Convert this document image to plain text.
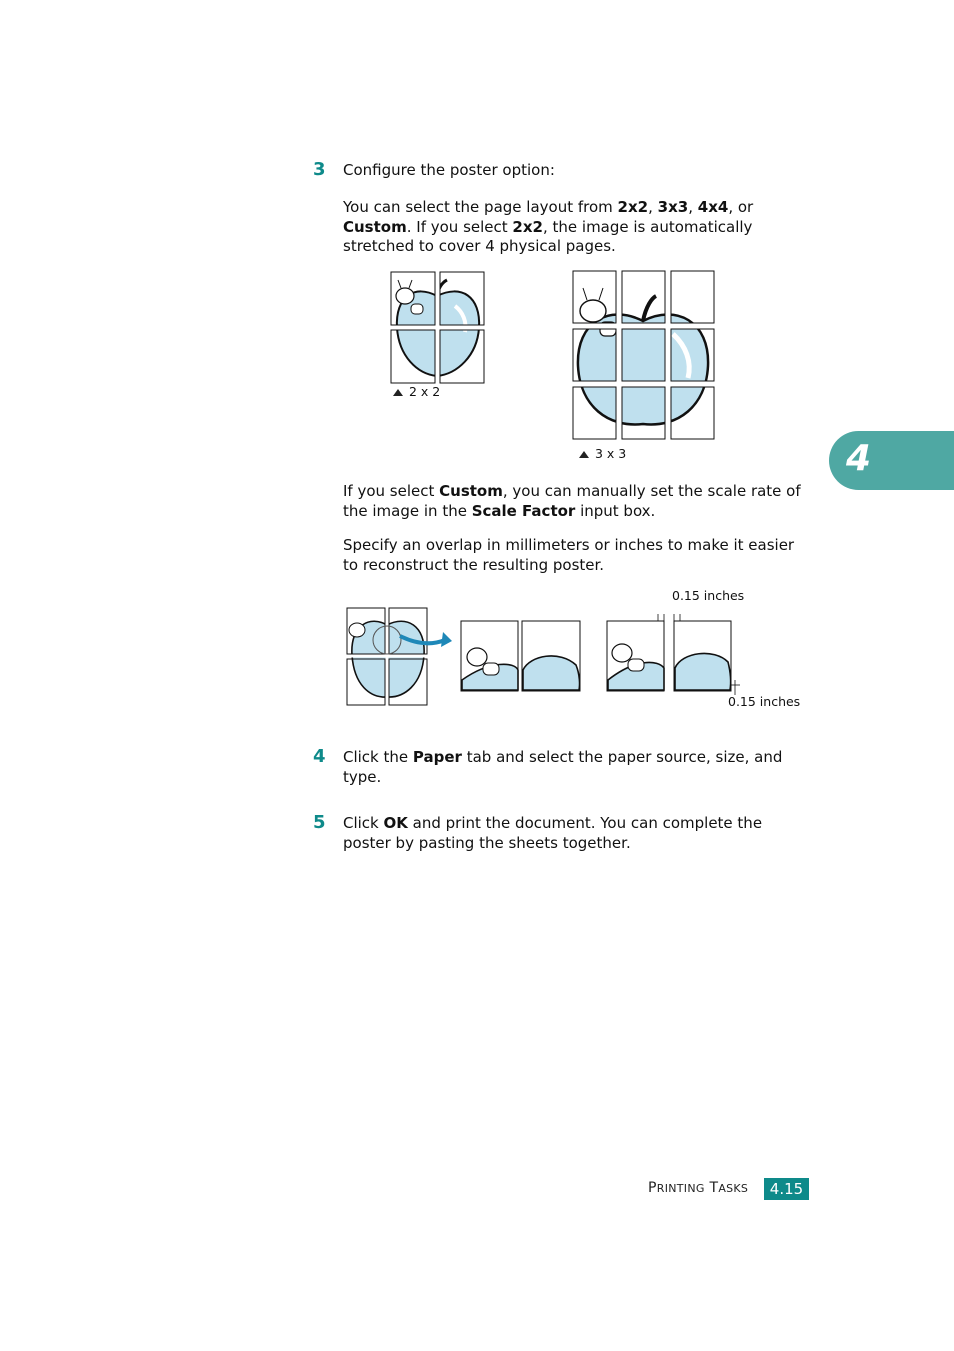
3 Configure the poster option:
You can select the page layout from 2x2, 3x3, 4x4, or Custom. If you select 2x2, the image is automatically stretched to cover 4 physical pages.
2 x 2
3 x 3
If you select Custom, you can manually set the scale rate of the image in the Scale Factor input box.
Specify an overlap in millimeters or inches to make it easier to reconstruct the resulting poster.
0.15 inches
0.15 inches
4 Click the Paper tab and select the paper source, size, and type.
5 Click OK and print the document. You can complete the poster by pasting the sheets together.
4
PRINTING TASKS	4.15
